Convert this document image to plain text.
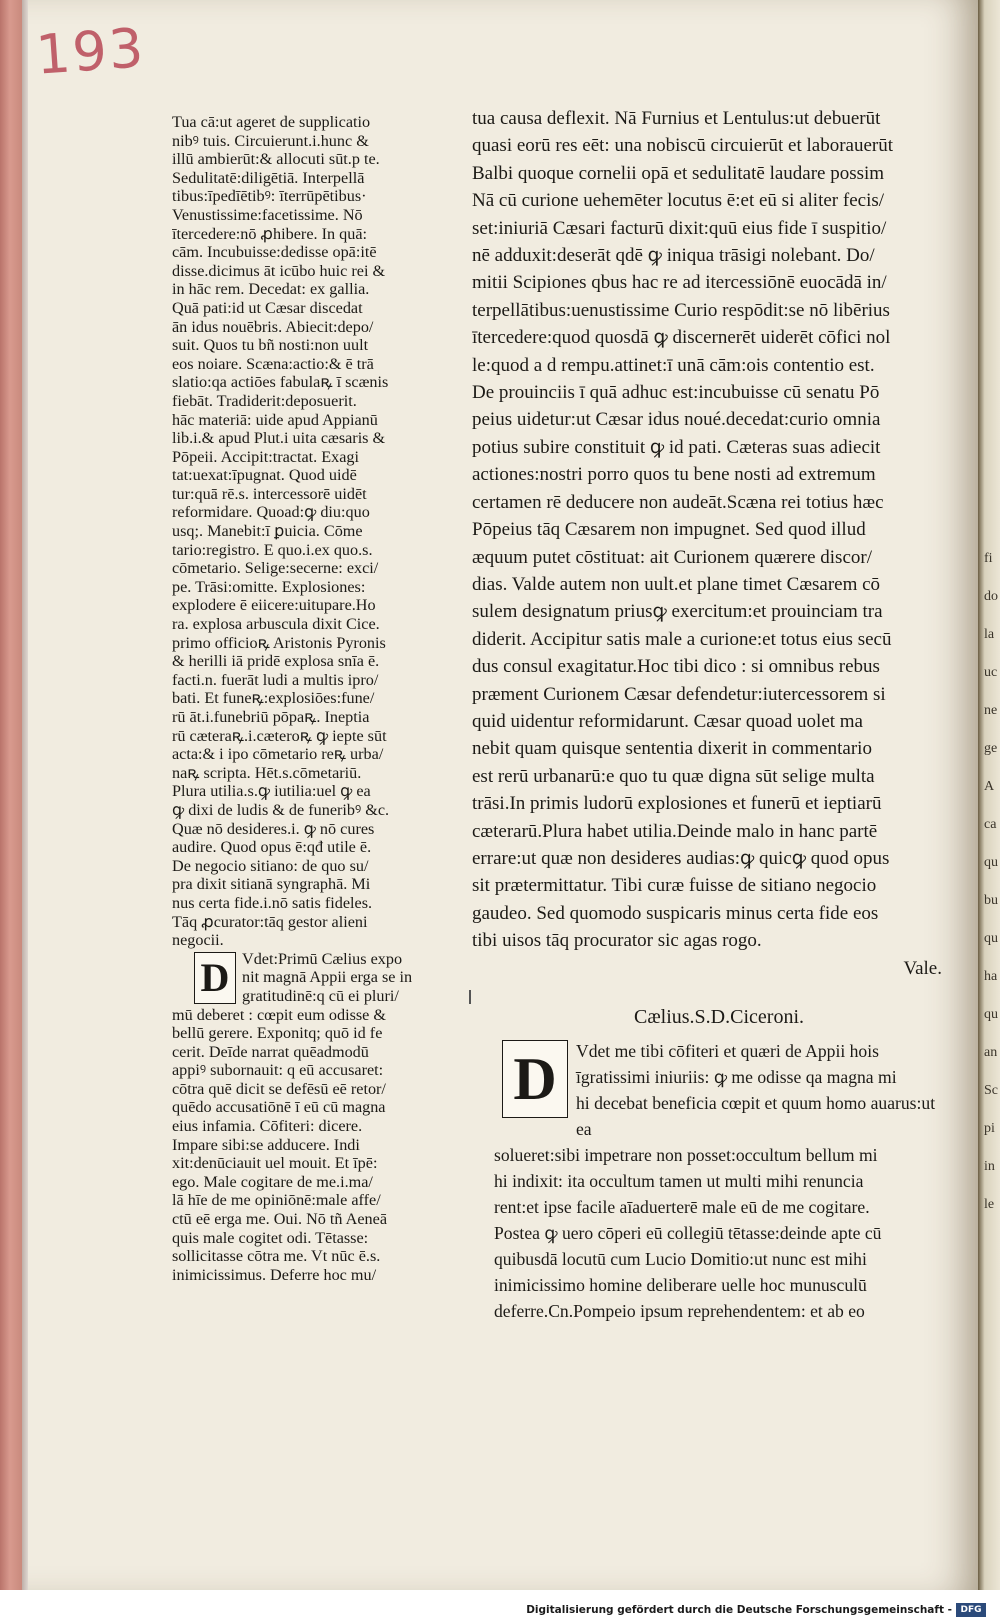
193
fi
do
la
uc
ne
ge
A
ca
qu
bu
qu
ha
qu
an
Sc
pi
in
le
Tua cā:ut ageret de supplicatio
nibꝰ tuis. Circuierunt.i.hunc &
illū ambierūt:& allocuti sūt.p te.
Sedulitatē:diligētiā. Interpellā
tibus:īpedīētibꝰ: īterrūpētibus·
Venustissime:facetissime. Nō
ītercedere:nō ꝓhibere. In quā:
cām. Incubuisse:dedisse opā:itē
disse.dicimus āt icūbo huic rei &
in hāc rem. Decedat: ex gallia.
Quā pati:id ut Cæsar discedat
ān idus nouēbris. Abiecit:depo/
suit. Quos tu bñ nosti:non uult
eos noiare. Scæna:actio:& ē trā
slatio:qa actiōes fabulaꝶ ī scænis
fiebāt. Tradiderit:deposuerit.
hāc materiā: uide apud Appianū
lib.i.& apud Plut.i uita cæsaris &
Pōpeii. Accipit:tractat. Exagi
tat:uexat:īpugnat. Quod uidē
tur:quā rē.s. intercessorē uidēt
reformidare. Quoad:ꝙ diu:quo
usq;. Manebit:ī ꝑuicia. Cōme
tario:registro. E quo.i.ex quo.s.
cōmetario. Selige:secerne: exci/
pe. Trāsi:omitte. Explosiones:
explodere ē eiicere:uitupare.Ho
ra. explosa arbuscula dixit Cice.
primo officioꝶ Aristonis Pyronis
& herilli iā pridē explosa snīa ē.
facti.n. fuerāt ludi a multis ipro/
bati. Et funeꝶ:explosiōes:fune/
rū āt.i.funebriū pōpaꝶ. Ineptia
rū cæteraꝶ.i.cæteroꝶ ꝙ iepte sūt
acta:& i ipo cōmetario reꝶ urba/
naꝶ scripta. Hēt.s.cōmetariū.
Plura utilia.s.ꝙ iutilia:uel ꝙ ea
ꝙ dixi de ludis & de funeribꝰ &c.
Quæ nō desideres.i. ꝙ nō cures
audire. Quod opus ē:qđ utile ē.
De negocio sitiano: de quo su/
pra dixit sitianā syngraphā. Mi
nus certa fide.i.nō satis fideles.
Tāq ꝓcurator:tāq gestor alieni
negocii.
D Vdet:Primū Cælius expo
nit magnā Appii erga se in
gratitudinē:q cū ei pluri/
mū deberet : cœpit eum odisse &
bellū gerere. Exponitq; quō id fe
cerit. Deīde narrat quēadmodū
appiꝰ subornauit: q eū accusaret:
cōtra quē dicit se defēsū eē retor/
quēdo accusatiōnē ī eū cū magna
eius infamia. Cōfiteri: dicere.
Impare sibi:se adducere. Indi
xit:denūciauit uel mouit. Et īpē:
ego. Male cogitare de me.i.ma/
lā hīe de me opiniōnē:male affe/
ctū eē erga me. Oui. Nō tñ Aeneā
quis male cogitet odi. Tētasse:
sollicitasse cōtra me. Vt nūc ē.s.
inimicissimus. Deferre hoc mu/
tua causa deflexit. Nā Furnius et Lentulus:ut debuerūt
quasi eorū res eēt: una nobiscū circuierūt et laborauerūt
Balbi quoque cornelii opā et sedulitatē laudare possim
Nā cū curione uehemēter locutus ē:et eū si aliter fecis/
set:iniuriā Cæsari facturū dixit:quū eius fide ī suspitio/
nē adduxit:deserāt qdē ꝙ iniqua trāsigi nolebant. Do/
mitii Scipiones qbus hac re ad itercessiōnē euocādā in/
terpellātibus:uenustissime Curio respōdit:se nō libērius
ītercedere:quod quosdā ꝙ discernerēt uiderēt cōfici nol
le:quod a d rempu.attinet:ī unā cām:ois contentio est.
De prouinciis ī quā adhuc est:incubuisse cū senatu Pō
peius uidetur:ut Cæsar idus noué.decedat:curio omnia
potius subire constituit ꝙ id pati. Cæteras suas adiecit
actiones:nostri porro quos tu bene nosti ad extremum
certamen rē deducere non audeāt.Scæna rei totius hæc
Pōpeius tāq Cæsarem non impugnet. Sed quod illud
æquum putet cōstituat: ait Curionem quærere discor/
dias. Valde autem non uult.et plane timet Cæsarem cō
sulem designatum priusꝙ exercitum:et prouinciam tra
diderit. Accipitur satis male a curione:et totus eius secū
dus consul exagitatur.Hoc tibi dico : si omnibus rebus
præment Curionem Cæsar defendetur:iutercessorem si
quid uidentur reformidarunt. Cæsar quoad uolet ma
nebit quam quisque sententia dixerit in commentario
est rerū urbanarū:e quo tu quæ digna sūt selige multa
trāsi.In primis ludorū explosiones et funerū et ieptiarū
cæterarū.Plura habet utilia.Deinde malo in hanc partē
errare:ut quæ non desideres audias:ꝙ quicꝙ quod opus
sit prætermittatur. Tibi curæ fuisse de sitiano negocio
gaudeo. Sed quomodo suspicaris minus certa fide eos
tibi uisos tāq procurator sic agas rogo.
Vale.
Cælius.S.D.Ciceroni.
D	Vdet me tibi cōfiteri et quæri de Appii hois
īgratissimi iniuriis: ꝙ me odisse qa magna mi
hi decebat beneficia cœpit et quum homo auarus:ut ea
solueret:sibi impetrare non posset:occultum bellum mi
hi indixit: ita occultum tamen ut multi mihi renuncia
rent:et ipse facile aīaduerterē male eū de me cogitare.
Postea ꝙ uero cōperi eū collegiū tētasse:deinde apte cū
quibusdā locutū cum Lucio Domitio:ut nunc est mihi
inimicissimo homine deliberare uelle hoc munusculū
deferre.Cn.Pompeio ipsum reprehendentem: et ab eo
Digitalisierung gefördert durch die Deutsche Forschungsgemeinschaft - DFG
